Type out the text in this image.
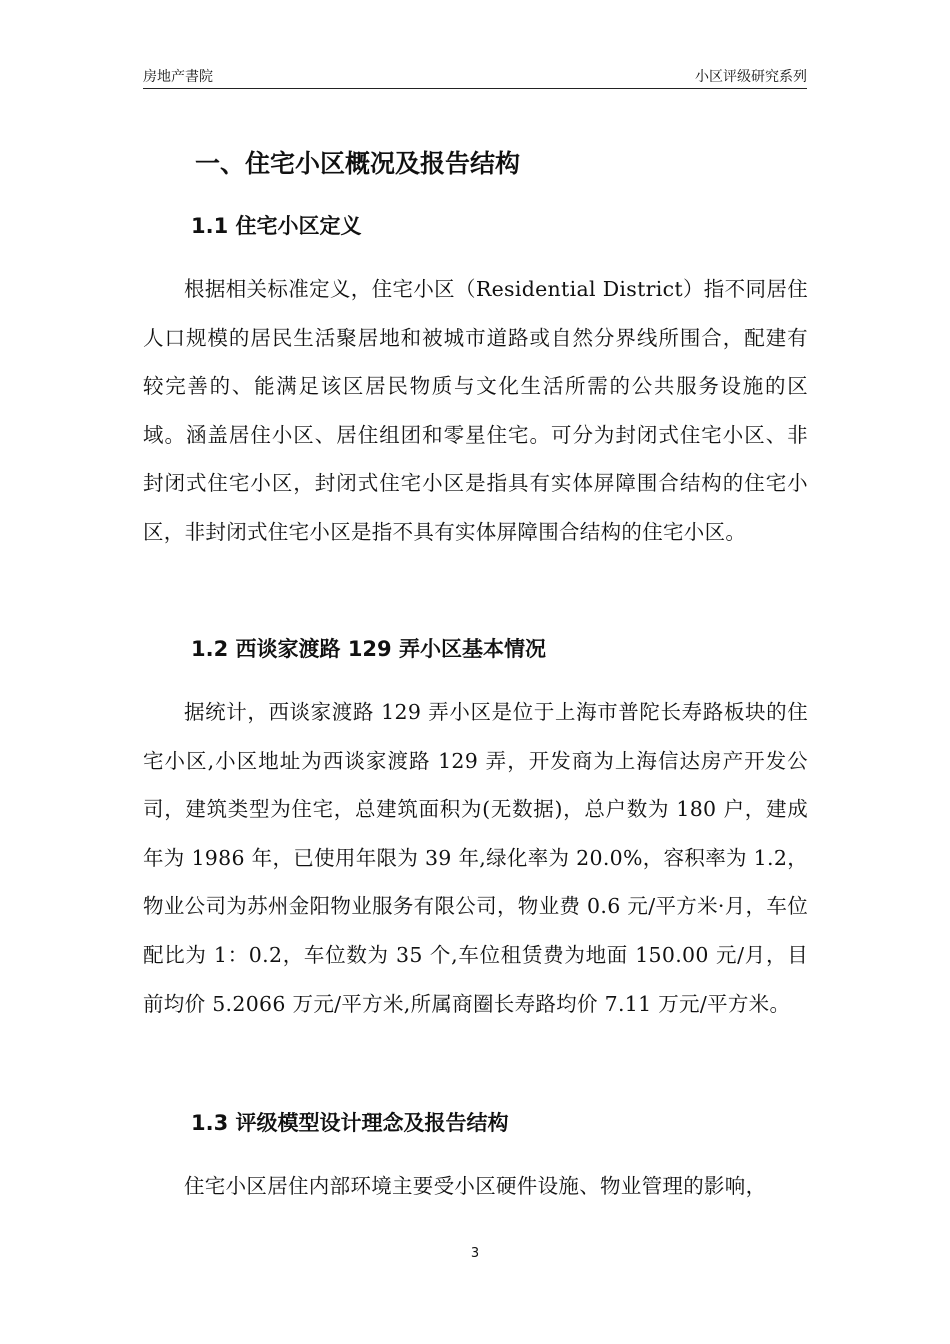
房地产書院	小区评级研究系列
一、住宅小区概况及报告结构
1.1 住宅小区定义

根据相关标准定义，住宅小区（Residential District）指不同居住人口规模的居民生活聚居地和被城市道路或自然分界线所围合，配建有较完善的、能满足该区居民物质与文化生活所需的公共服务设施的区域。涵盖居住小区、居住组团和零星住宅。可分为封闭式住宅小区、非封闭式住宅小区，封闭式住宅小区是指具有实体屏障围合结构的住宅小区，非封闭式住宅小区是指不具有实体屏障围合结构的住宅小区。

1.2 西谈家渡路 129 弄小区基本情况

据统计，西谈家渡路 129 弄小区是位于上海市普陀长寿路板块的住宅小区,小区地址为西谈家渡路 129 弄，开发商为上海信达房产开发公司，建筑类型为住宅，总建筑面积为(无数据)，总户数为 180 户，建成年为 1986 年，已使用年限为 39 年,绿化率为 20.0%，容积率为 1.2，物业公司为苏州金阳物业服务有限公司，物业费 0.6 元/平方米·月，车位配比为 1：0.2，车位数为 35 个,车位租赁费为地面 150.00 元/月，目前均价 5.2066 万元/平方米,所属商圈长寿路均价 7.11 万元/平方米。

1.3 评级模型设计理念及报告结构

住宅小区居住内部环境主要受小区硬件设施、物业管理的影响，

3
